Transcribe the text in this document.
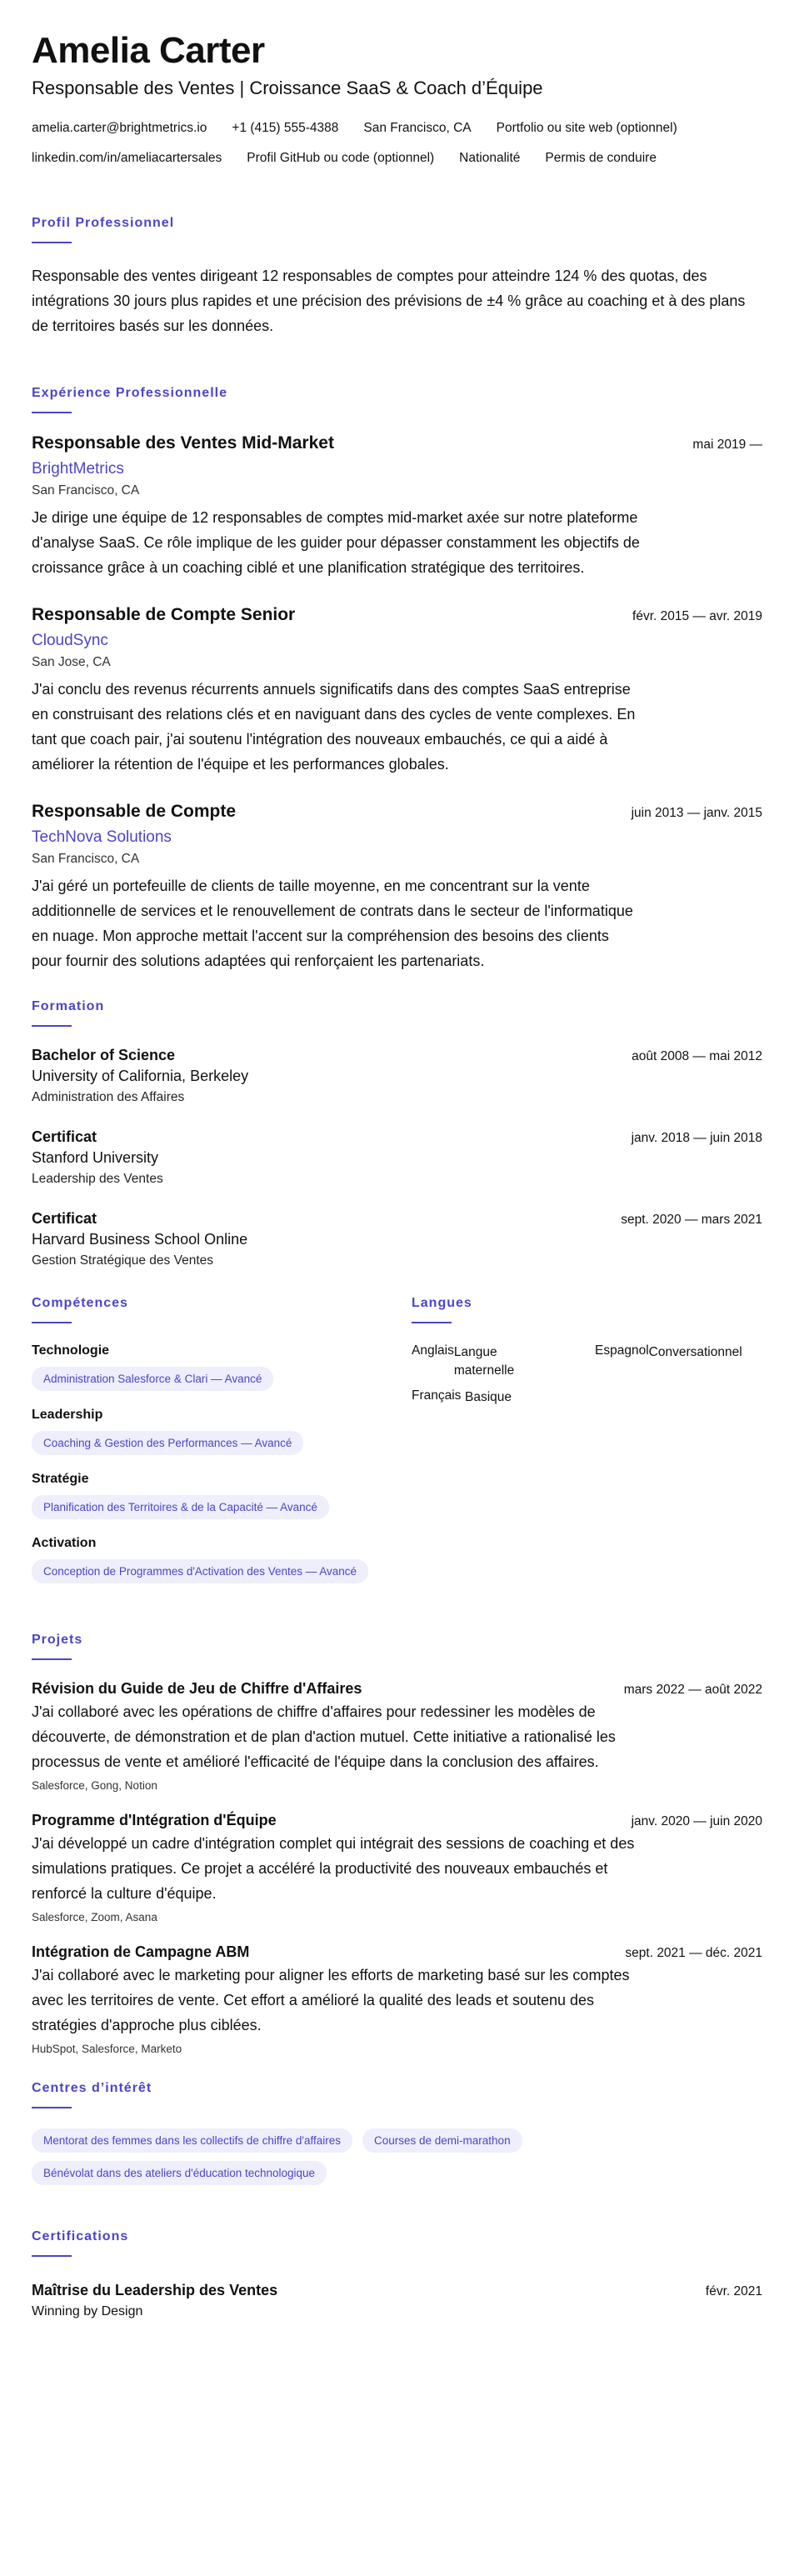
Amelia Carter
Responsable des Ventes | Croissance SaaS & Coach d’Équipe
amelia.carter@brightmetrics.io +1 (415) 555-4388 San Francisco, CA Portfolio ou site web (optionnel)
linkedin.com/in/ameliacartersales Profil GitHub ou code (optionnel) Nationalité Permis de conduire
Profil Professionnel

Responsable des ventes dirigeant 12 responsables de comptes pour atteindre 124 % des quotas, des intégrations 30 jours plus rapides et une précision des prévisions de ±4 % grâce au coaching et à des plans de territoires basés sur les données.

Expérience Professionnelle
Responsable des Ventes Mid-Market	mai 2019 —
BrightMetrics
San Francisco, CA

Je dirige une équipe de 12 responsables de comptes mid-market axée sur notre plateforme d'analyse SaaS. Ce rôle implique de les guider pour dépasser constamment les objectifs de croissance grâce à un coaching ciblé et une planification stratégique des territoires.

Responsable de Compte Senior	févr. 2015 — avr. 2019
CloudSync
San Jose, CA

J'ai conclu des revenus récurrents annuels significatifs dans des comptes SaaS entreprise en construisant des relations clés et en naviguant dans des cycles de vente complexes. En tant que coach pair, j'ai soutenu l'intégration des nouveaux embauchés, ce qui a aidé à améliorer la rétention de l'équipe et les performances globales.

Responsable de Compte	juin 2013 — janv. 2015
TechNova Solutions
San Francisco, CA

J'ai géré un portefeuille de clients de taille moyenne, en me concentrant sur la vente additionnelle de services et le renouvellement de contrats dans le secteur de l'informatique en nuage. Mon approche mettait l'accent sur la compréhension des besoins des clients pour fournir des solutions adaptées qui renforçaient les partenariats.

Formation
Bachelor of Science	août 2008 — mai 2012
University of California, Berkeley
Administration des Affaires
Certificat	janv. 2018 — juin 2018
Stanford University
Leadership des Ventes
Certificat	sept. 2020 — mars 2021
Harvard Business School Online
Gestion Stratégique des Ventes
Compétences
Technologie
Administration Salesforce & Clari — Avancé
Leadership
Coaching & Gestion des Performances — Avancé
Stratégie
Planification des Territoires & de la Capacité — Avancé
Activation
Conception de Programmes d'Activation des Ventes — Avancé
Langues
Anglais Langue maternelle
Espagnol Conversationnel
Français Basique
Projets
Révision du Guide de Jeu de Chiffre d'Affaires	mars 2022 — août 2022

J'ai collaboré avec les opérations de chiffre d'affaires pour redessiner les modèles de découverte, de démonstration et de plan d'action mutuel. Cette initiative a rationalisé les processus de vente et amélioré l'efficacité de l'équipe dans la conclusion des affaires.

Salesforce, Gong, Notion
Programme d'Intégration d'Équipe	janv. 2020 — juin 2020

J'ai développé un cadre d'intégration complet qui intégrait des sessions de coaching et des simulations pratiques. Ce projet a accéléré la productivité des nouveaux embauchés et renforcé la culture d'équipe.

Salesforce, Zoom, Asana
Intégration de Campagne ABM	sept. 2021 — déc. 2021

J'ai collaboré avec le marketing pour aligner les efforts de marketing basé sur les comptes avec les territoires de vente. Cet effort a amélioré la qualité des leads et soutenu des stratégies d'approche plus ciblées.

HubSpot, Salesforce, Marketo
Centres d’intérêt
Mentorat des femmes dans les collectifs de chiffre d'affaires	Courses de demi-marathon
Bénévolat dans des ateliers d'éducation technologique
Certifications
Maîtrise du Leadership des Ventes	févr. 2021
Winning by Design
